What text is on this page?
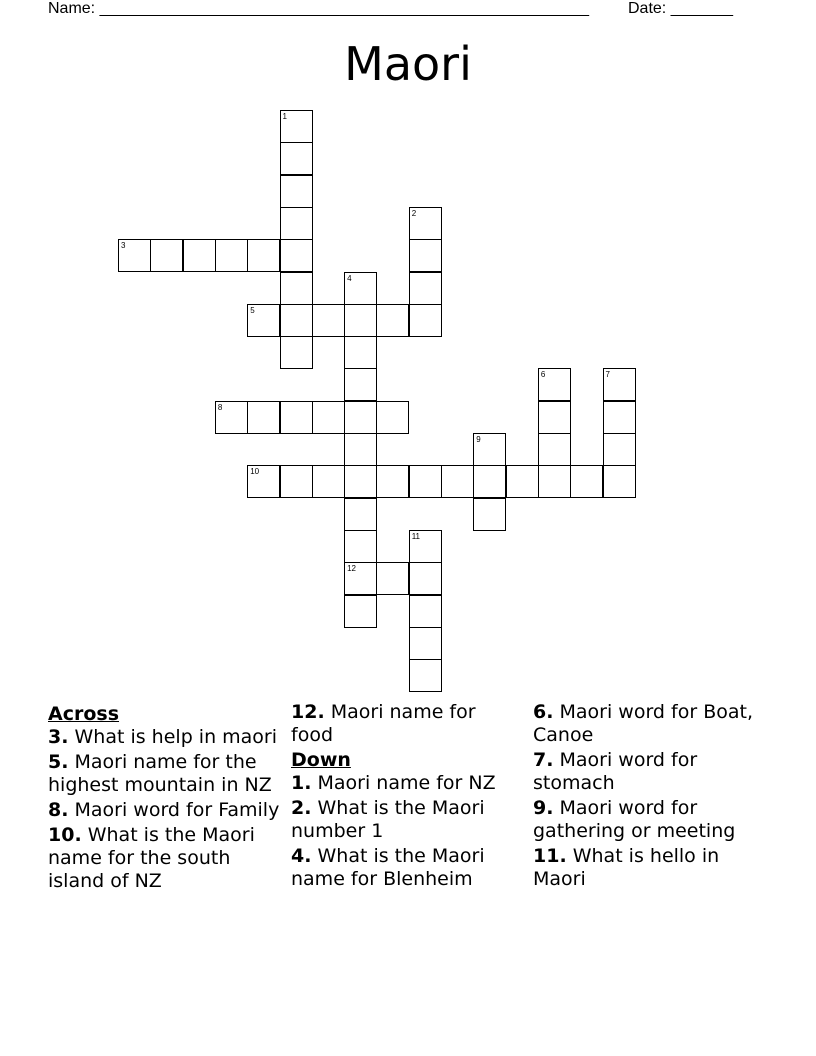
Name: _______________________________________________________ Date: _______
Maori
1
2
3
4
5
6	7
8
9
10
11
12
Across
3. What is help in maori
5. Maori name for the highest mountain in NZ
8. Maori word for Family
10. What is the Maori name for the south island of NZ
12. Maori name for food
Down
1. Maori name for NZ
2. What is the Maori number 1
4. What is the Maori name for Blenheim
6. Maori word for Boat, Canoe
7. Maori word for stomach
9. Maori word for gathering or meeting
11. What is hello in Maori
